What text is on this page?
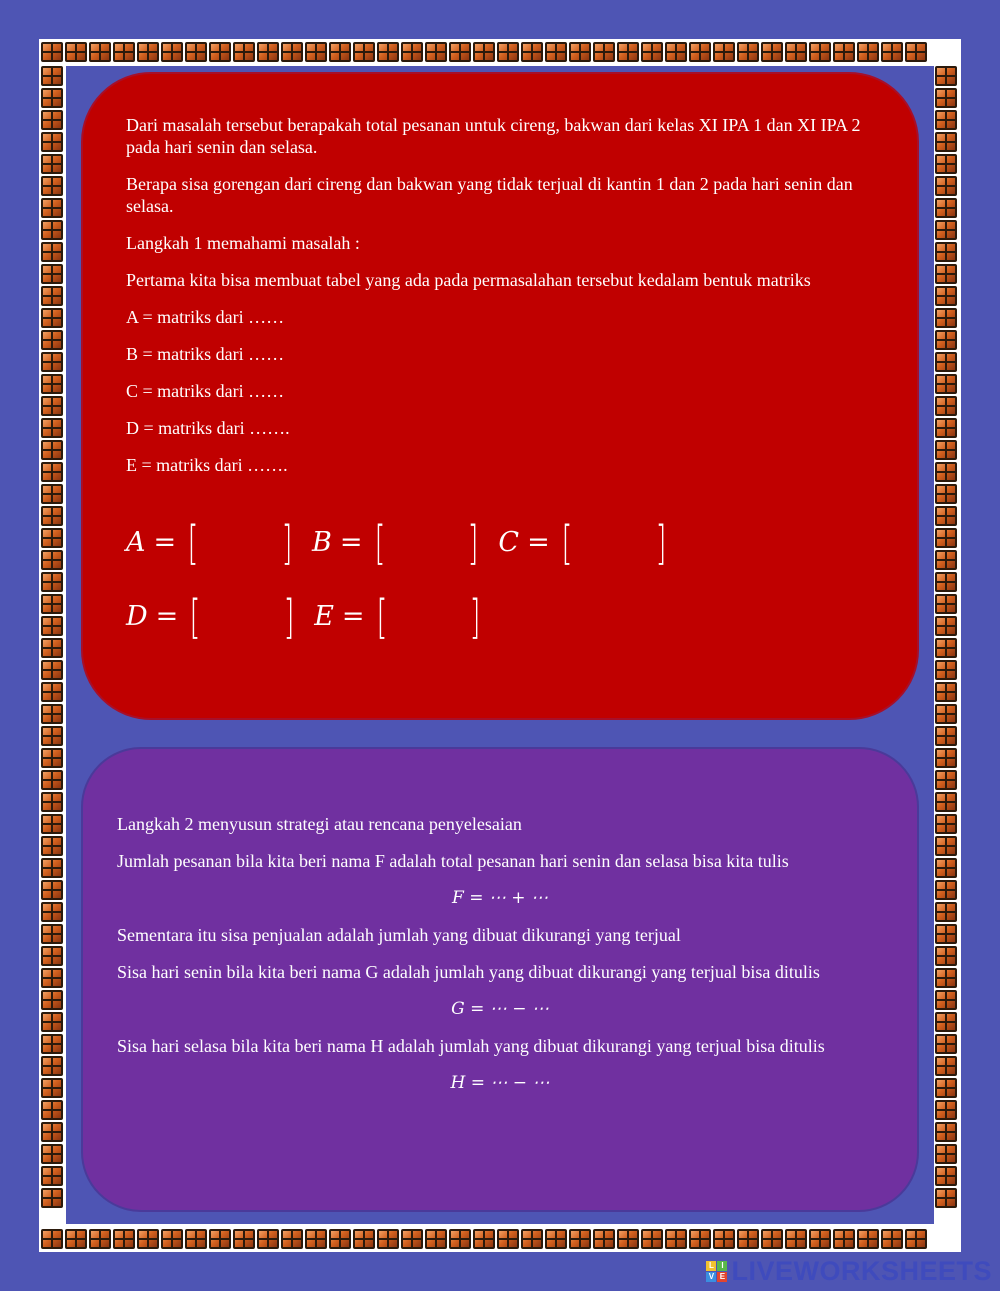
Dari masalah tersebut berapakah total pesanan untuk cireng, bakwan dari kelas XI IPA 1 dan XI IPA 2 pada hari senin dan selasa.

Berapa sisa gorengan dari cireng dan bakwan yang tidak terjual di kantin 1 dan 2 pada hari senin dan selasa.

Langkah 1 memahami masalah :

Pertama kita bisa membuat tabel yang ada pada permasalahan tersebut kedalam bentuk matriks

A = matriks dari ……

B = matriks dari ……

C = matriks dari ……

D = matriks dari …….

E = matriks dari …….

A = [ ] B = [ ] C = [ ]
D = [ ] E = [ ]

Langkah 2 menyusun strategi atau rencana penyelesaian

Jumlah pesanan bila kita beri nama F adalah total pesanan hari senin dan selasa bisa kita tulis

F = ⋯ + ⋯

Sementara itu sisa penjualan adalah jumlah yang dibuat dikurangi yang terjual

Sisa hari senin bila kita beri nama G adalah jumlah yang dibuat dikurangi yang terjual bisa ditulis

G = ⋯ − ⋯

Sisa hari selasa bila kita beri nama H adalah jumlah yang dibuat dikurangi yang terjual bisa ditulis

H = ⋯ − ⋯
L I
V E LIVEWORKSHEETS
